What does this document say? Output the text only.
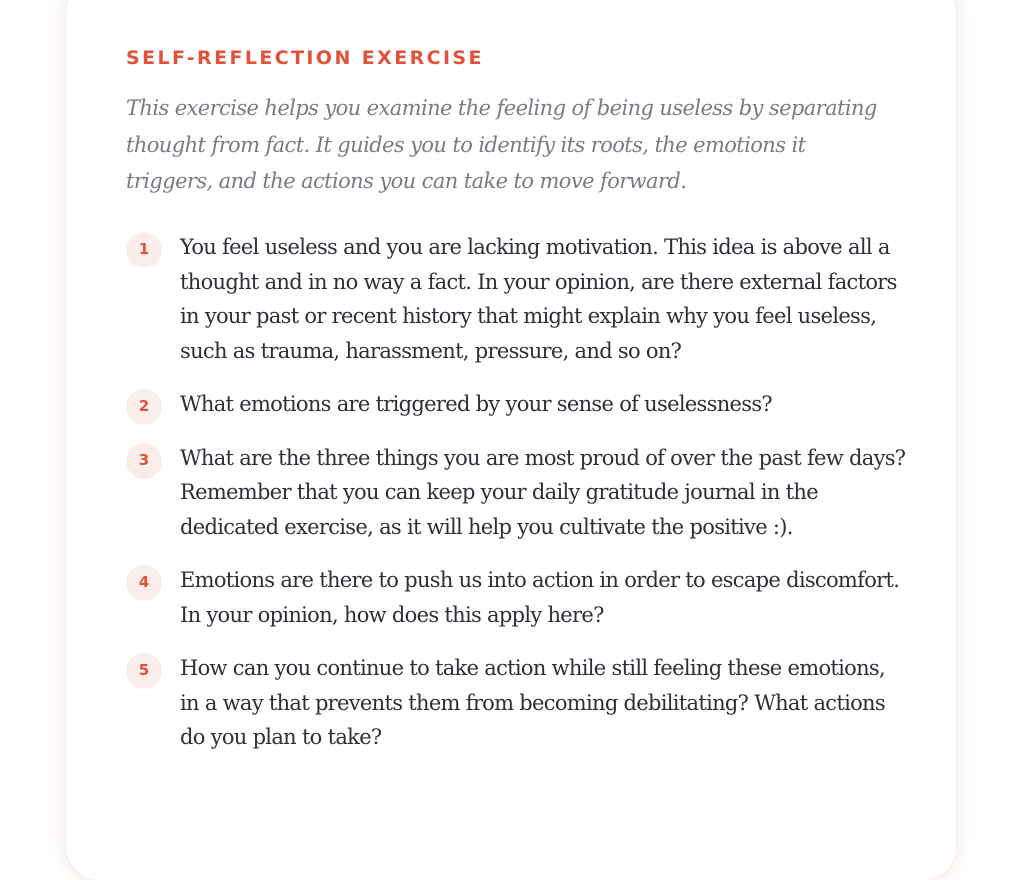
SELF-REFLECTION EXERCISE

This exercise helps you examine the feeling of being useless by separating thought from fact. It guides you to identify its roots, the emotions it triggers, and the actions you can take to move forward.

1	You feel useless and you are lacking motivation. This idea is above all a thought and in no way a fact. In your opinion, are there external factors in your past or recent history that might explain why you feel useless, such as trauma, harassment, pressure, and so on?

2	What emotions are triggered by your sense of uselessness?

3	What are the three things you are most proud of over the past few days? Remember that you can keep your daily gratitude journal in the dedicated exercise, as it will help you cultivate the positive :).

4	Emotions are there to push us into action in order to escape discomfort. In your opinion, how does this apply here?

5	How can you continue to take action while still feeling these emotions, in a way that prevents them from becoming debilitating? What actions do you plan to take?
